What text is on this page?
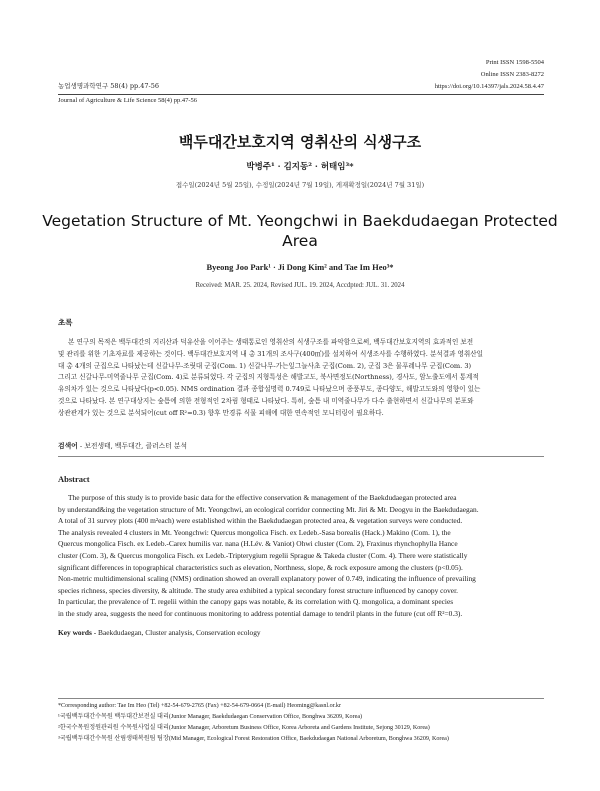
Print ISSN 1598-5504
Online ISSN 2383-8272
농업생명과학연구 58(4) pp.47-56	https://doi.org/10.14397/jals.2024.58.4.47
Journal of Agriculture & Life Science 58(4) pp.47-56
백두대간보호지역 영취산의 식생구조
박병주¹ · 김지동² · 허태임³*
접수일(2024년 5월 25일), 수정일(2024년 7월 19일), 게재확정일(2024년 7월 31일)
Vegetation Structure of Mt. Yeongchwi in Baekdudaegan Protected
Area
Byeong Joo Park¹ · Ji Dong Kim² and Tae Im Heo³*
Received: MAR. 25. 2024, Revised JUL. 19. 2024, Accdpted: JUL. 31. 2024
초록
본 연구의 목적은 백두대간의 지리산과 덕유산을 이어주는 생태통로인 영취산의 식생구조를 파악함으로써, 백두대간보호지역의 효과적인 보전
및 관리를 위한 기초자료를 제공하는 것이다. 백두대간보호지역 내 총 31개의 조사구(400㎡)를 설치하여 식생조사를 수행하였다. 분석결과 영취산일
대 총 4개의 군집으로 나타났는데 신갈나무-조릿대 군집(Com. 1) 신갈나무-가는잎그늘사초 군집(Com. 2), 군집 3은 물푸레나무 군집(Com. 3)
그리고 신갈나무-미역줄나무 군집(Com. 4)로 분류되었다. 각 군집의 지형특성은 해발고도, 북사면정도(Northness), 경사도, 암노출도에서 통계적
유의차가 있는 것으로 나타났다(p<0.05). NMS ordination 결과 종합설명력 0.749로 나타났으며 종풍부도, 종다양도, 해발고도와의 영향이 있는
것으로 나타났다. 본 연구대상지는 숲틈에 의한 전형적인 2차림 형태로 나타났다. 특히, 숲틈 내 미역줄나무가 다수 출현하면서 신갈나무의 분포와
상관관계가 있는 것으로 분석되어(cut off R²=0.3) 향후 만경류 식물 피해에 대한 연속적인 모니터링이 필요하다.
검색어 - 보전생태, 백두대간, 클러스터 분석
Abstract
The purpose of this study is to provide basic data for the effective conservation & management of the Baekdudaegan protected area
by understand&ing the vegetation structure of Mt. Yeongchwi, an ecological corridor connecting Mt. Jiri & Mt. Deogyu in the Baekdudaegan.
A total of 31 survey plots (400 m²each) were established within the Baekdudaegan protected area, & vegetation surveys were conducted.
The analysis revealed 4 clusters in Mt. Yeongchwi: Quercus mongolica Fisch. ex Ledeb.-Sasa borealis (Hack.) Makino (Com. 1), the
Quercus mongolica Fisch. ex Ledeb.-Carex humilis var. nana (H.Lév. & Vaniot) Ohwi cluster (Com. 2), Fraxinus rhynchophylla Hance
cluster (Com. 3), & Quercus mongolica Fisch. ex Ledeb.-Tripterygium regelii Sprague & Takeda cluster (Com. 4). There were statistically
significant differences in topographical characteristics such as elevation, Northness, slope, & rock exposure among the clusters (p<0.05).
Non-metric multidimensional scaling (NMS) ordination showed an overall explanatory power of 0.749, indicating the influence of prevailing
species richness, species diversity, & altitude. The study area exhibited a typical secondary forest structure influenced by canopy cover.
In particular, the prevalence of T. regelii within the canopy gaps was notable, & its correlation with Q. mongolica, a dominant species
in the study area, suggests the need for continuous monitoring to address potential damage to tendril plants in the future (cut off R²=0.3).
Key words - Baekdudaegan, Cluster analysis, Conservation ecology
*Corresponding author: Tae Im Heo (Tel) +82-54-679-2765 (Fax) +82-54-679-0664 (E-mail) Heoming@kasnl.or.kr
¹국립백두대간수목원 백두대간보전실 대리(Junior Manager, Baekdudaegan Conservation Office, Bonghwa 36209, Korea)
²한국수목원정원관리원 수목원사업실 대리(Junior Manager, Arboretum Business Office, Korea Arboreta and Gardens Institute, Sejong 30129, Korea)
³국립백두대간수목원 산림생태복원팀 팀장(Mid Manager, Ecological Forest Restoration Office, Baekdudaegan National Arboretum, Bonghwa 36209, Korea)
